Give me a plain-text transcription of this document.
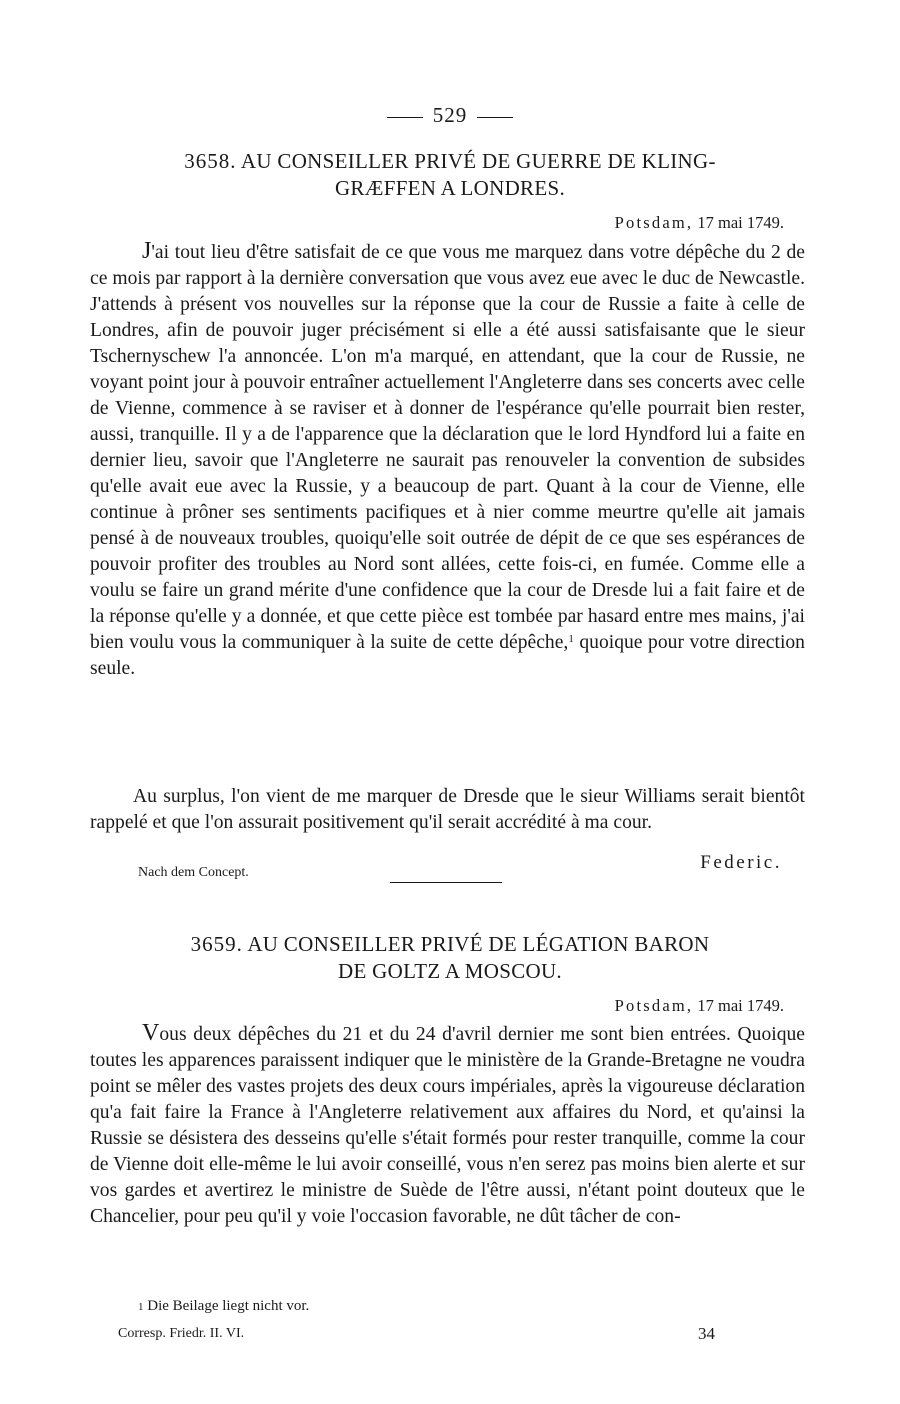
529
3658. AU CONSEILLER PRIVÉ DE GUERRE DE KLING-
GRÆFFEN A LONDRES.
Potsdam, 17 mai 1749.

J'ai tout lieu d'être satisfait de ce que vous me marquez dans votre dépêche du 2 de ce mois par rapport à la dernière conversation que vous avez eue avec le duc de Newcastle. J'attends à présent vos nouvelles sur la réponse que la cour de Russie a faite à celle de Londres, afin de pouvoir juger précisément si elle a été aussi satisfaisante que le sieur Tschernyschew l'a annoncée. L'on m'a marqué, en attendant, que la cour de Russie, ne voyant point jour à pouvoir entraîner actuellement l'Angleterre dans ses concerts avec celle de Vienne, commence à se raviser et à donner de l'espérance qu'elle pourrait bien rester, aussi, tranquille. Il y a de l'apparence que la déclaration que le lord Hyndford lui a faite en dernier lieu, savoir que l'Angleterre ne saurait pas renouveler la convention de subsides qu'elle avait eue avec la Russie, y a beaucoup de part. Quant à la cour de Vienne, elle continue à prôner ses sentiments pacifiques et à nier comme meurtre qu'elle ait jamais pensé à de nouveaux troubles, quoiqu'elle soit outrée de dépit de ce que ses espérances de pouvoir profiter des troubles au Nord sont allées, cette fois-ci, en fumée. Comme elle a voulu se faire un grand mérite d'une confidence que la cour de Dresde lui a fait faire et de la réponse qu'elle y a donnée, et que cette pièce est tombée par hasard entre mes mains, j'ai bien voulu vous la communiquer à la suite de cette dépêche,$^1$ quoique pour votre direction seule.

Au surplus, l'on vient de me marquer de Dresde que le sieur Williams serait bientôt rappelé et que l'on assurait positivement qu'il serait accrédité à ma cour.

Federic.
Nach dem Concept.
3659. AU CONSEILLER PRIVÉ DE LÉGATION BARON
DE GOLTZ A MOSCOU.
Potsdam, 17 mai 1749.

Vous deux dépêches du 21 et du 24 d'avril dernier me sont bien entrées. Quoique toutes les apparences paraissent indiquer que le ministère de la Grande-Bretagne ne voudra point se mêler des vastes projets des deux cours impériales, après la vigoureuse déclaration qu'a fait faire la France à l'Angleterre relativement aux affaires du Nord, et qu'ainsi la Russie se désistera des desseins qu'elle s'était formés pour rester tranquille, comme la cour de Vienne doit elle-même le lui avoir conseillé, vous n'en serez pas moins bien alerte et sur vos gardes et avertirez le ministre de Suède de l'être aussi, n'étant point douteux que le Chancelier, pour peu qu'il y voie l'occasion favorable, ne dût tâcher de con-

1 Die Beilage liegt nicht vor.
Corresp. Friedr. II. VI.	34
